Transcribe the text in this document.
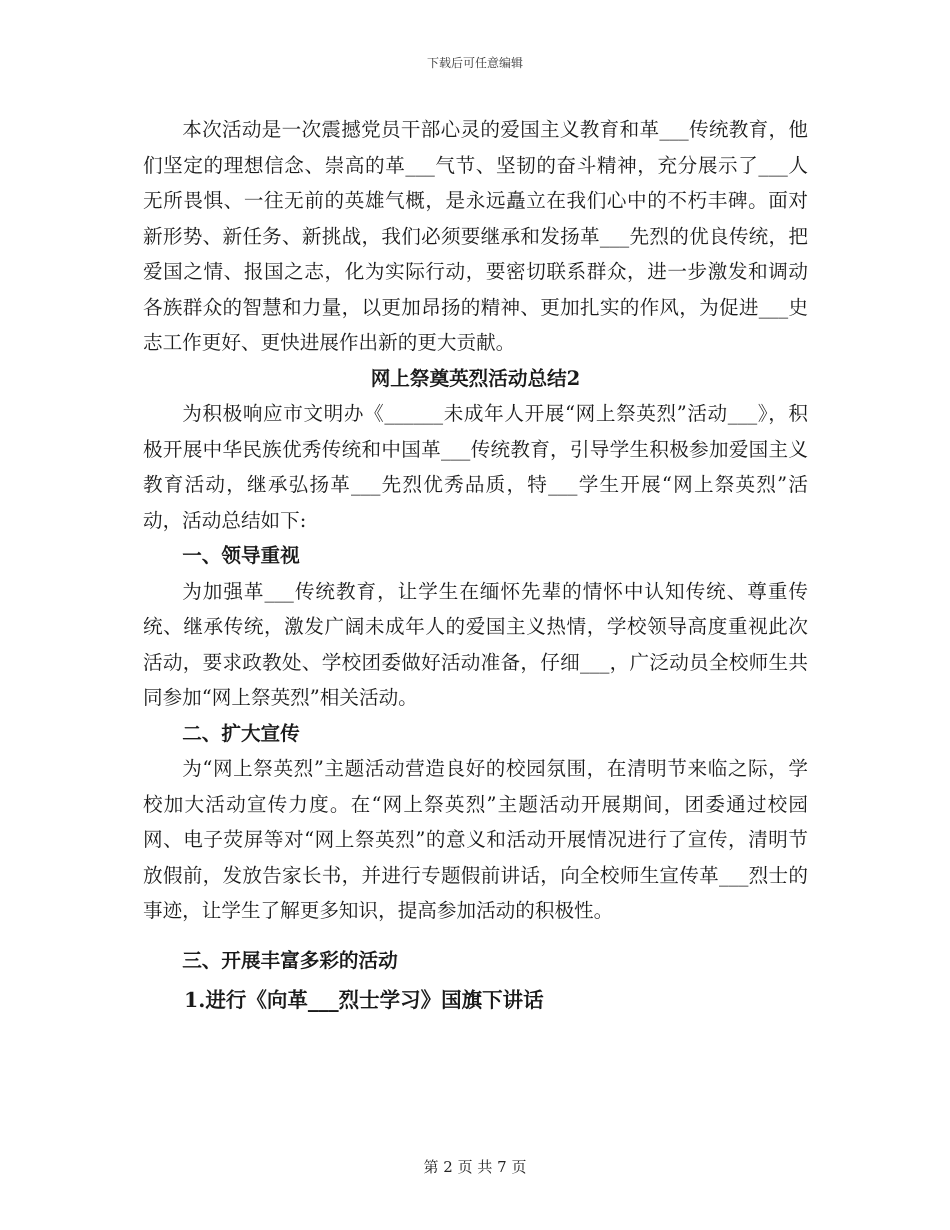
下载后可任意编辑

本次活动是一次震撼党员干部心灵的爱国主义教育和革___传统教育，他们坚定的理想信念、崇高的革___气节、坚韧的奋斗精神，充分展示了___人无所畏惧、一往无前的英雄气概，是永远矗立在我们心中的不朽丰碑。面对新形势、新任务、新挑战，我们必须要继承和发扬革___先烈的优良传统，把爱国之情、报国之志，化为实际行动，要密切联系群众，进一步激发和调动各族群众的智慧和力量，以更加昂扬的精神、更加扎实的作风，为促进___史志工作更好、更快进展作出新的更大贡献。

网上祭奠英烈活动总结2

为积极响应市文明办《______未成年人开展“网上祭英烈”活动___》，积极开展中华民族优秀传统和中国革___传统教育，引导学生积极参加爱国主义教育活动，继承弘扬革___先烈优秀品质，特___学生开展“网上祭英烈”活动，活动总结如下:

一、领导重视

为加强革___传统教育，让学生在缅怀先辈的情怀中认知传统、尊重传统、继承传统，激发广阔未成年人的爱国主义热情，学校领导高度重视此次活动，要求政教处、学校团委做好活动准备，仔细___，广泛动员全校师生共同参加“网上祭英烈”相关活动。

二、扩大宣传

为“网上祭英烈”主题活动营造良好的校园氛围，在清明节来临之际，学校加大活动宣传力度。在“网上祭英烈”主题活动开展期间，团委通过校园网、电子荧屏等对“网上祭英烈”的意义和活动开展情况进行了宣传，清明节放假前，发放告家长书，并进行专题假前讲话，向全校师生宣传革___烈士的事迹，让学生了解更多知识，提高参加活动的积极性。

三、开展丰富多彩的活动

1.进行《向革___烈士学习》国旗下讲话

第 2 页 共 7 页
